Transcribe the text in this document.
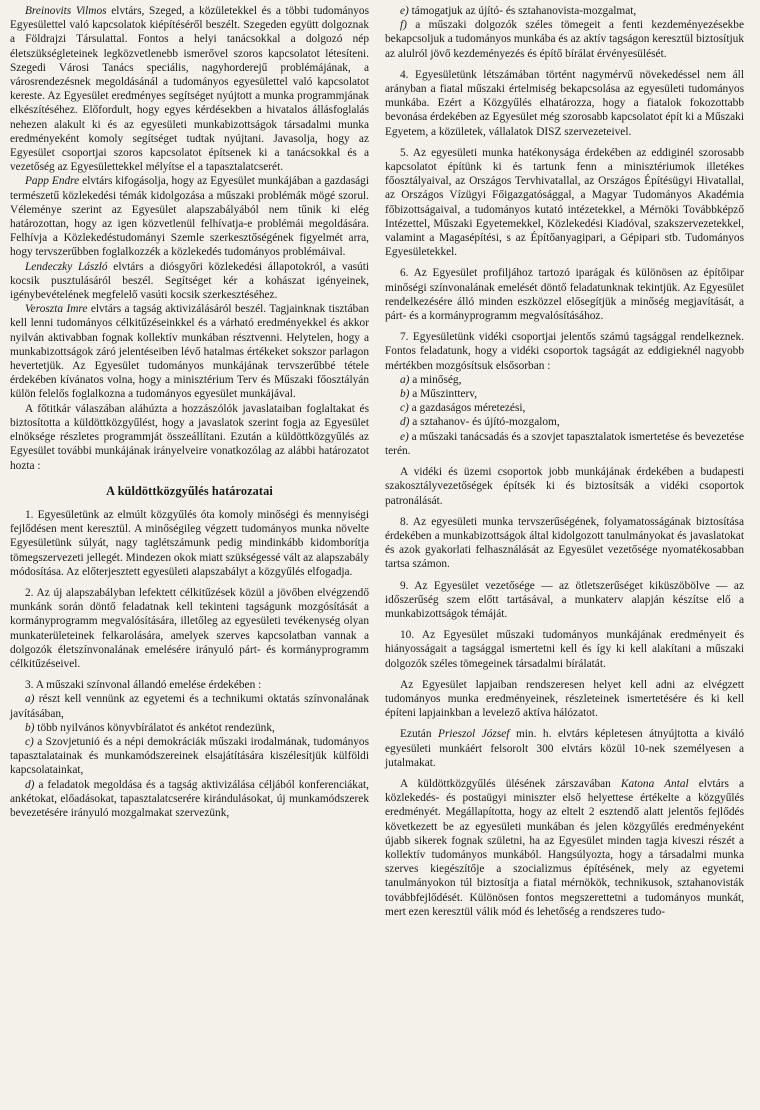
Breinovits Vilmos elvtárs, Szeged, a közületekkel és a többi tudományos Egyesülettel való kapcsolatok kiépítéséről beszélt. Szegeden együtt dolgoznak a Földrajzi Társulattal. Fontos a helyi tanácsokkal a dolgozó nép életszükségleteinek legközvetlenebb ismerővel szoros kapcsolatot létesíteni. Szegedi Városi Tanács speciális, nagyhorderejű problémájának, a városrendezésnek megoldásánál a tudományos egyesülettel való kapcsolatot kereste. Az Egyesület eredményes segítséget nyújtott a munka programmjának elkészítéséhez. Előfordult, hogy egyes kérdésekben a hivatalos állásfoglalás nehezen alakult ki és az egyesületi munkabizottságok társadalmi munka eredményeként komoly segítséget tudtak nyújtani. Javasolja, hogy az Egyesület csoportjai szoros kapcsolatot építsenek ki a tanácsokkal és a vezetőség az Egyesülettekkel mélyítse el a tapasztalatcserét.

Papp Endre elvtárs kifogásolja, hogy az Egyesület munkájában a gazdasági természetű közlekedési témák kidolgozása a műszaki problémák mögé szorul. Véleménye szerint az Egyesület alapszabályából nem tűnik ki elég határozottan, hogy az igen közvetlenül felhívatja-e problémái megoldására. Felhívja a Közlekedéstudományi Szemle szerkesztőségének figyelmét arra, hogy tervszerűbben foglalkozzék a közlekedés tudományos problémáival.

Lendeczky László elvtárs a diósgyőri közlekedési állapotokról, a vasúti kocsik pusztulásáról beszél. Segítséget kér a kohászat igényeinek, igénybevételének megfelelő vasúti kocsik szerkesztéséhez.

Veroszta Imre elvtárs a tagság aktivizálásáról beszél. Tagjainknak tisztában kell lenni tudományos célkitűzéseinkkel és a várható eredményekkel és akkor nyilván aktivabban fognak kollektív munkában résztvenni. Helytelen, hogy a munkabizottságok záró jelentéseiben lévő hatalmas értékeket sokszor parlagon hevertetjük. Az Egyesület tudományos munkájának tervszerűbbé tétele érdekében kívánatos volna, hogy a minisztérium Terv és Műszaki főosztályán külön felelős foglalkozna a tudományos egyesület munkájával.

A főtitkár válaszában aláhúzta a hozzászólók javaslataiban foglaltakat és biztosította a küldöttközgyűlést, hogy a javaslatok szerint fogja az Egyesület elnöksége részletes programmját összeállítani. Ezután a küldöttközgyűlés az Egyesület további munkájának irányelveire vonatkozólag az alábbi határozatot hozta :

A küldöttközgyűlés határozatai

1. Egyesületünk az elmúlt közgyűlés óta komoly minőségi és mennyiségi fejlődésen ment keresztül. A minőségileg végzett tudományos munka növelte Egyesületünk súlyát, nagy taglétszámunk pedig mindinkább kidomborítja tömegszervezeti jellegét. Mindezen okok miatt szükségessé vált az alapszabály módosítása. Az előterjesztett egyesületi alapszabályt a közgyűlés elfogadja.

2. Az új alapszabályban lefektett célkitűzések közül a jövőben elvégzendő munkánk során döntő feladatnak kell tekinteni tagságunk mozgósítását a kormányprogramm megvalósítására, illetőleg az egyesületi tevékenység olyan munkaterületeinek felkarolására, amelyek szerves kapcsolatban vannak a dolgozók életszínvonalának emelésére irányuló párt- és kormányprogramm célkitűzéseivel.

3. A műszaki színvonal állandó emelése érdekében :

a) részt kell vennünk az egyetemi és a technikumi oktatás színvonalának javításában,

b) több nyilvános könyvbírálatot és ankétot rendezünk,

c) a Szovjetunió és a népi demokráciák műszaki irodalmának, tudományos tapasztalatainak és munkamódszereinek elsajátítására kiszélesítjük külföldi kapcsolatainkat,

d) a feladatok megoldása és a tagság aktivizálása céljából konferenciákat, ankétokat, előadásokat, tapasztalatcserére kirándulásokat, új munkamódszerek bevezetésére irányuló mozgalmakat szervezünk,

e) támogatjuk az újító- és sztahanovista-mozgalmat,

f) a műszaki dolgozók széles tömegeit a fenti kezdeményezésekbe bekapcsoljuk a tudományos munkába és az aktív tagságon keresztül biztosítjuk az alulról jövő kezdeményezés és építő bírálat érvényesülését.

4. Egyesületünk létszámában történt nagymérvű növekedéssel nem áll arányban a fiatal műszaki értelmiség bekapcsolása az egyesületi tudományos munkába. Ezért a Közgyűlés elhatározza, hogy a fiatalok fokozottabb bevonása érdekében az Egyesület még szorosabb kapcsolatot épít ki a Műszaki Egyetem, a közületek, vállalatok DISZ szervezeteivel.

5. Az egyesületi munka hatékonysága érdekében az eddiginél szorosabb kapcsolatot építünk ki és tartunk fenn a minisztériumok illetékes főosztályaival, az Országos Tervhivatallal, az Országos Építésügyi Hivatallal, az Országos Vízügyi Főigazgatósággal, a Magyar Tudományos Akadémia főbizottságaival, a tudományos kutató intézetekkel, a Mérnöki Továbbképző Intézettel, Műszaki Egyetemekkel, Közlekedési Kiadóval, szakszervezetekkel, valamint a Magasépítési, s az Építőanyagipari, a Gépipari stb. Tudományos Egyesületekkel.

6. Az Egyesület profiljához tartozó iparágak és különösen az építőipar minőségi színvonalának emelését döntő feladatunknak tekintjük. Az Egyesület rendelkezésére álló minden eszközzel elősegítjük a minőség megjavítását, a párt- és a kormányprogramm megvalósításához.

7. Egyesületünk vidéki csoportjai jelentős számú tagsággal rendelkeznek. Fontos feladatunk, hogy a vidéki csoportok tagságát az eddigieknél nagyobb mértékben mozgósítsuk elsősorban :

a) a minőség,

b) a Műszintterv,

c) a gazdaságos méretezési,

d) a sztahanov- és újító-mozgalom,

e) a műszaki tanácsadás és a szovjet tapasztalatok ismertetése és bevezetése terén.

A vidéki és üzemi csoportok jobb munkájának érdekében a budapesti szakosztályvezetőségek építsék ki és biztosítsák a vidéki csoportok patronálását.

8. Az egyesületi munka tervszerűségének, folyamatosságának biztosítása érdekében a munkabizottságok által kidolgozott tanulmányokat és javaslatokat és azok gyakorlati felhasználását az Egyesület vezetősége nyomatékosabban tartsa számon.

9. Az Egyesület vezetősége — az ötletszerűséget kiküszöbölve — az időszerűség szem előtt tartásával, a munkaterv alapján készítse elő a munkabizottságok témáját.

10. Az Egyesület műszaki tudományos munkájának eredményeit és hiányosságait a tagsággal ismertetni kell és így ki kell alakítani a műszaki dolgozók széles tömegeinek társadalmi bírálatát.

Az Egyesület lapjaiban rendszeresen helyet kell adni az elvégzett tudományos munka eredményeinek, részleteinek ismertetésére és ki kell építeni lapjainkban a levelező aktíva hálózatot.

Ezután Prieszol József min. h. elvtárs képletesen átnyújtotta a kiváló egyesületi munkáért felsorolt 300 elvtárs közül 10-nek személyesen a jutalmakat.

A küldöttközgyűlés ülésének zárszavában Katona Antal elvtárs a közlekedés- és postaügyi miniszter első helyettese értékelte a közgyűlés eredményét. Megállapította, hogy az eltelt 2 esztendő alatt jelentős fejlődés következett be az egyesületi munkában és jelen közgyűlés eredményeként újabb sikerek fognak születni, ha az Egyesület minden tagja kiveszi részét a kollektív tudományos munkából. Hangsúlyozta, hogy a társadalmi munka szerves kiegészítője a szocializmus építésének, mely az egyetemi tanulmányokon túl biztosítja a fiatal mérnökök, technikusok, sztahanovisták továbbfejlődését. Különösen fontos megszerettetni a tudományos munkát, mert ezen keresztül válik mód és lehetőség a rendszeres tudo-
